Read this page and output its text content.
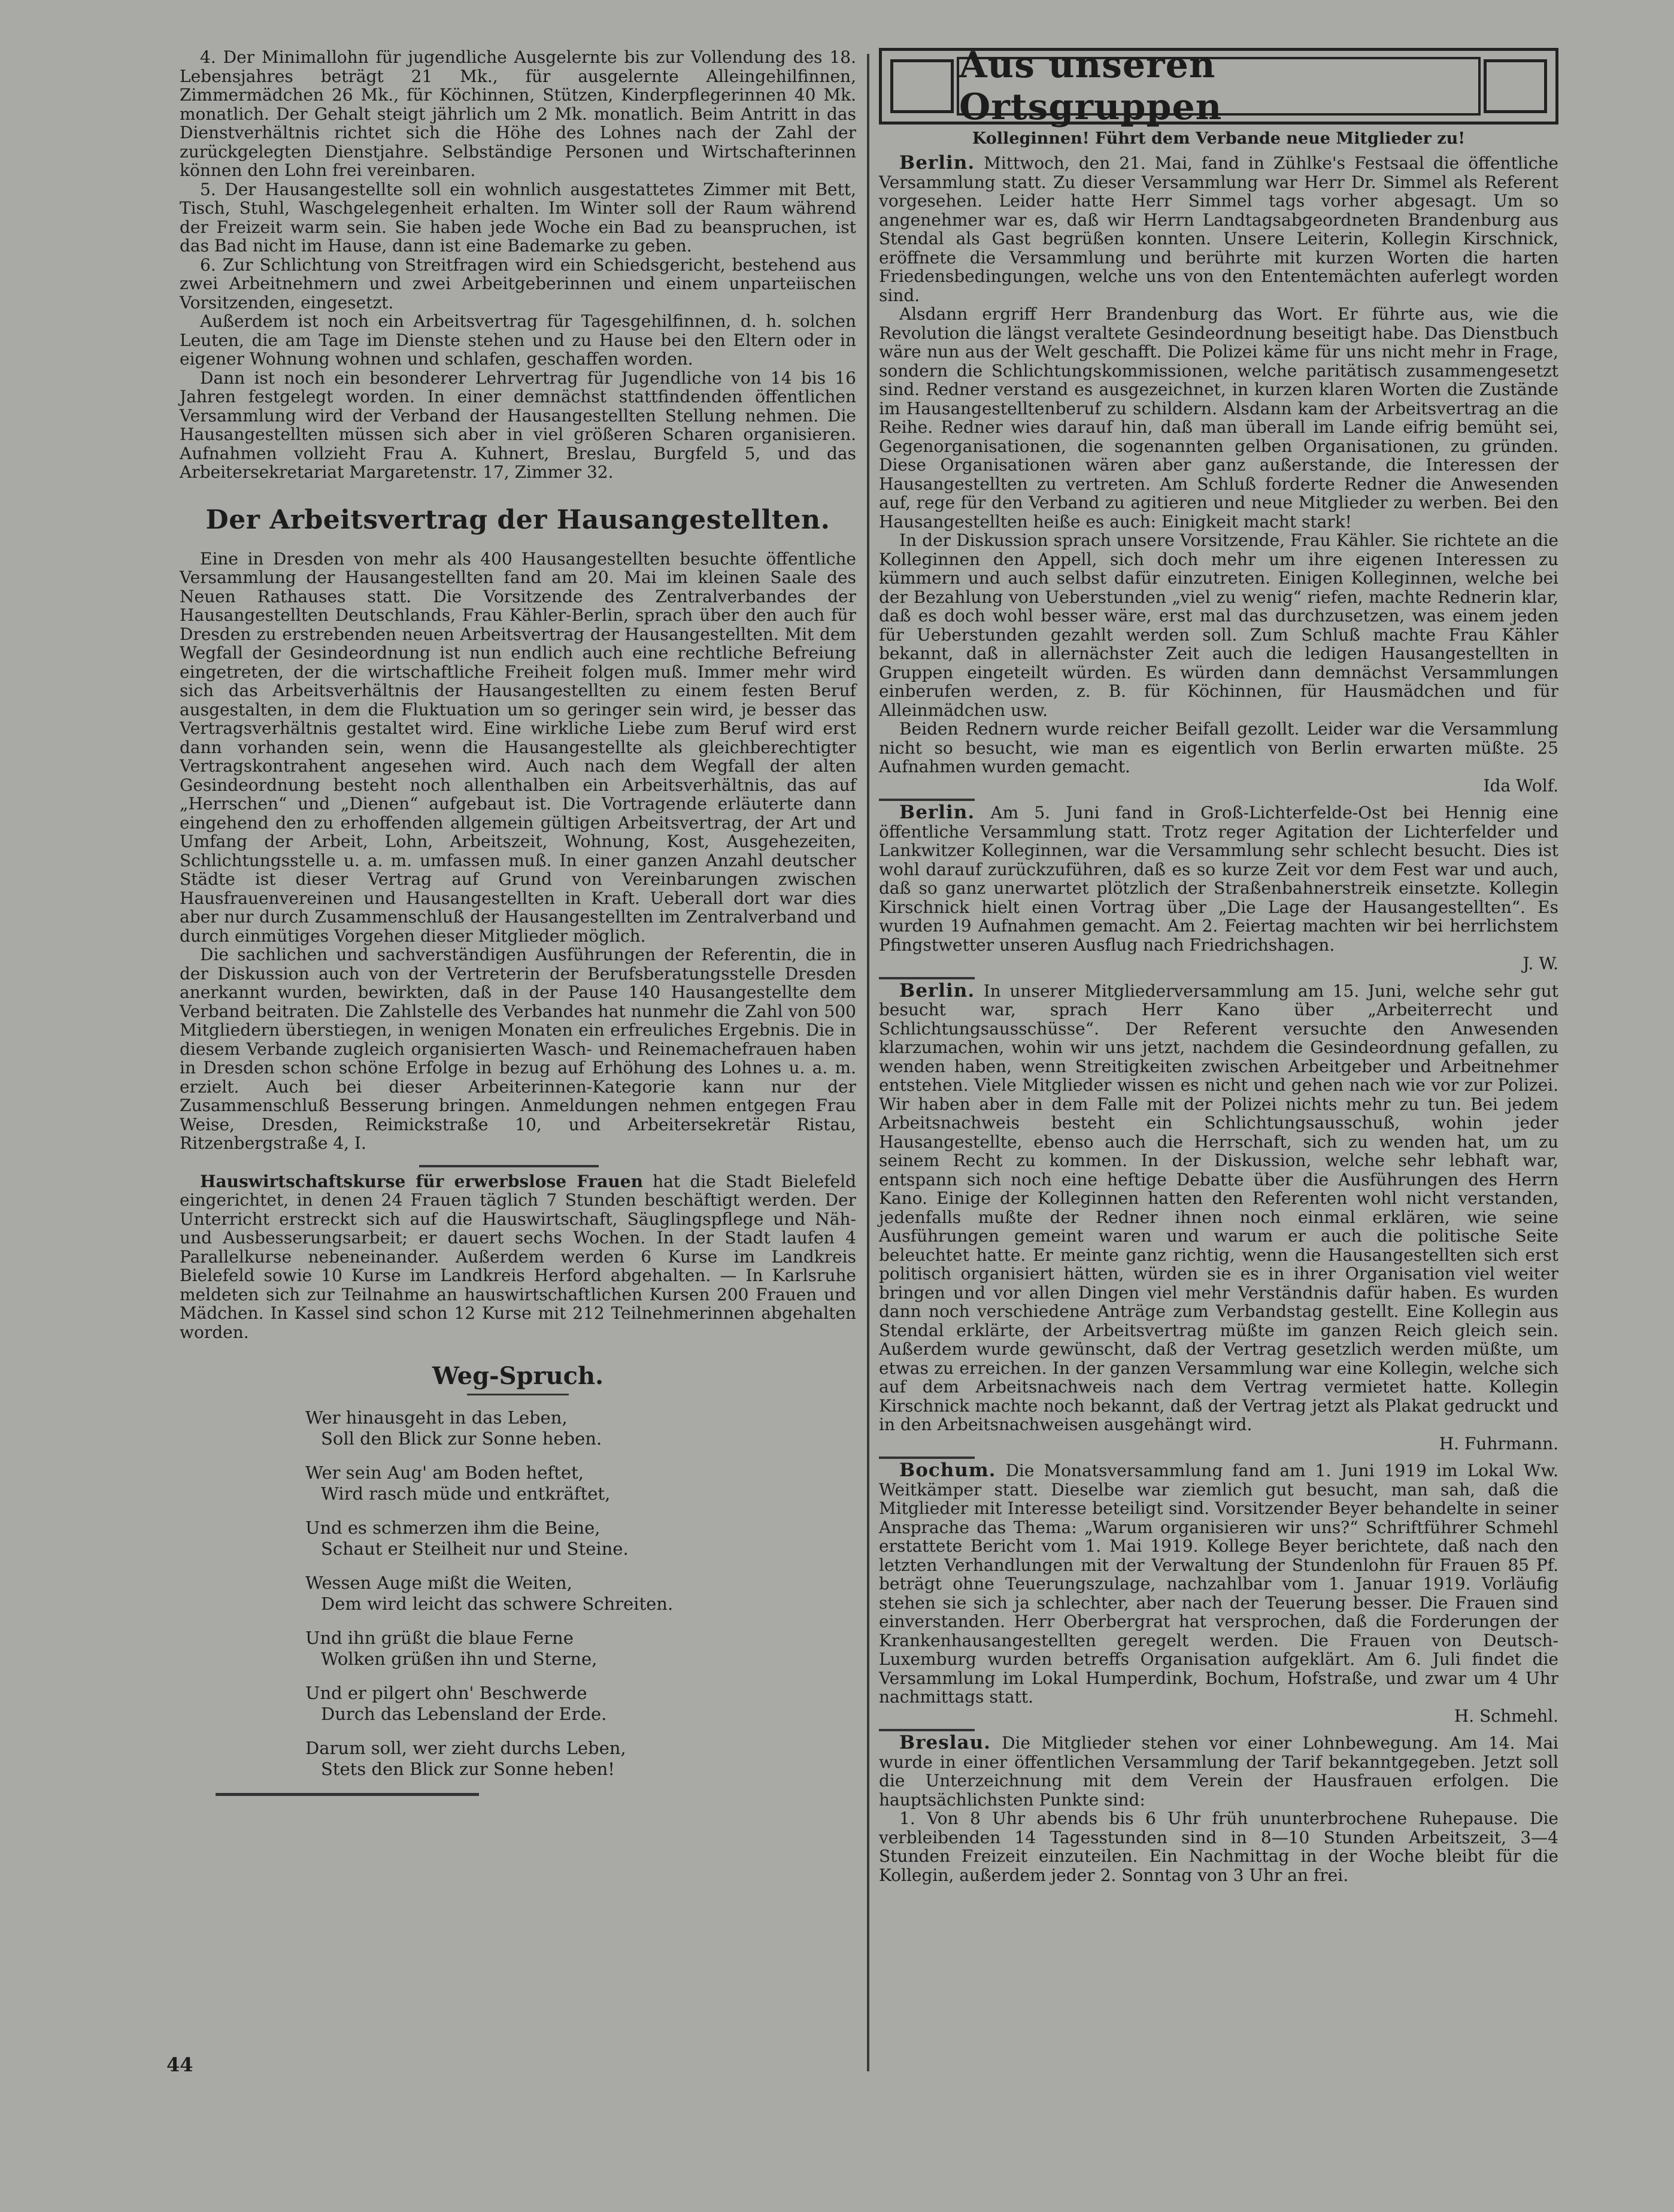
4. Der Minimallohn für jugendliche Ausgelernte bis zur Vollendung des 18. Lebensjahres beträgt 21 Mk., für ausgelernte Alleingehilfinnen, Zimmermädchen 26 Mk., für Köchinnen, Stützen, Kinderpflegerinnen 40 Mk. monatlich. Der Gehalt steigt jährlich um 2 Mk. monatlich. Beim Antritt in das Dienstverhältnis richtet sich die Höhe des Lohnes nach der Zahl der zurückgelegten Dienstjahre. Selbständige Personen und Wirtschafterinnen können den Lohn frei vereinbaren.

5. Der Hausangestellte soll ein wohnlich ausgestattetes Zimmer mit Bett, Tisch, Stuhl, Waschgelegenheit erhalten. Im Winter soll der Raum während der Freizeit warm sein. Sie haben jede Woche ein Bad zu beanspruchen, ist das Bad nicht im Hause, dann ist eine Bademarke zu geben.

6. Zur Schlichtung von Streitfragen wird ein Schiedsgericht, bestehend aus zwei Arbeitnehmern und zwei Arbeitgeberinnen und einem unparteiischen Vorsitzenden, eingesetzt.

Außerdem ist noch ein Arbeitsvertrag für Tagesgehilfinnen, d. h. solchen Leuten, die am Tage im Dienste stehen und zu Hause bei den Eltern oder in eigener Wohnung wohnen und schlafen, geschaffen worden.

Dann ist noch ein besonderer Lehrvertrag für Jugendliche von 14 bis 16 Jahren festgelegt worden. In einer demnächst stattfindenden öffentlichen Versammlung wird der Verband der Hausangestellten Stellung nehmen. Die Hausangestellten müssen sich aber in viel größeren Scharen organisieren. Aufnahmen vollzieht Frau A. Kuhnert, Breslau, Burgfeld 5, und das Arbeitersekretariat Margaretenstr. 17, Zimmer 32.

Der Arbeitsvertrag der Hausangestellten.

Eine in Dresden von mehr als 400 Hausangestellten besuchte öffentliche Versammlung der Hausangestellten fand am 20. Mai im kleinen Saale des Neuen Rathauses statt. Die Vorsitzende des Zentralverbandes der Hausangestellten Deutschlands, Frau Kähler-Berlin, sprach über den auch für Dresden zu erstrebenden neuen Arbeitsvertrag der Hausangestellten. Mit dem Wegfall der Gesindeordnung ist nun endlich auch eine rechtliche Befreiung eingetreten, der die wirtschaftliche Freiheit folgen muß. Immer mehr wird sich das Arbeitsverhältnis der Hausangestellten zu einem festen Beruf ausgestalten, in dem die Fluktuation um so geringer sein wird, je besser das Vertragsverhältnis gestaltet wird. Eine wirkliche Liebe zum Beruf wird erst dann vorhanden sein, wenn die Hausangestellte als gleichberechtigter Vertragskontrahent angesehen wird. Auch nach dem Wegfall der alten Gesindeordnung besteht noch allenthalben ein Arbeitsverhältnis, das auf „Herrschen“ und „Dienen“ aufgebaut ist. Die Vortragende erläuterte dann eingehend den zu erhoffenden allgemein gültigen Arbeitsvertrag, der Art und Umfang der Arbeit, Lohn, Arbeitszeit, Wohnung, Kost, Ausgehezeiten, Schlichtungsstelle u. a. m. umfassen muß. In einer ganzen Anzahl deutscher Städte ist dieser Vertrag auf Grund von Vereinbarungen zwischen Hausfrauenvereinen und Hausangestellten in Kraft. Ueberall dort war dies aber nur durch Zusammenschluß der Hausangestellten im Zentralverband und durch einmütiges Vorgehen dieser Mitglieder möglich.

Die sachlichen und sachverständigen Ausführungen der Referentin, die in der Diskussion auch von der Vertreterin der Berufsberatungsstelle Dresden anerkannt wurden, bewirkten, daß in der Pause 140 Hausangestellte dem Verband beitraten. Die Zahlstelle des Verbandes hat nunmehr die Zahl von 500 Mitgliedern überstiegen, in wenigen Monaten ein erfreuliches Ergebnis. Die in diesem Verbande zugleich organisierten Wasch- und Reinemachefrauen haben in Dresden schon schöne Erfolge in bezug auf Erhöhung des Lohnes u. a. m. erzielt. Auch bei dieser Arbeiterinnen-Kategorie kann nur der Zusammenschluß Besserung bringen. Anmeldungen nehmen entgegen Frau Weise, Dresden, Reimickstraße 10, und Arbeitersekretär Ristau, Ritzenbergstraße 4, I.

Hauswirtschaftskurse für erwerbslose Frauen hat die Stadt Bielefeld eingerichtet, in denen 24 Frauen täglich 7 Stunden beschäftigt werden. Der Unterricht erstreckt sich auf die Hauswirtschaft, Säuglingspflege und Näh- und Ausbesserungsarbeit; er dauert sechs Wochen. In der Stadt laufen 4 Parallelkurse nebeneinander. Außerdem werden 6 Kurse im Landkreis Bielefeld sowie 10 Kurse im Landkreis Herford abgehalten. — In Karlsruhe meldeten sich zur Teilnahme an hauswirtschaftlichen Kursen 200 Frauen und Mädchen. In Kassel sind schon 12 Kurse mit 212 Teilnehmerinnen abgehalten worden.

Weg-Spruch.
Wer hinausgeht in das Leben,
Soll den Blick zur Sonne heben.
Wer sein Aug' am Boden heftet,
Wird rasch müde und entkräftet,
Und es schmerzen ihm die Beine,
Schaut er Steilheit nur und Steine.
Wessen Auge mißt die Weiten,
Dem wird leicht das schwere Schreiten.
Und ihn grüßt die blaue Ferne
Wolken grüßen ihn und Sterne,
Und er pilgert ohn' Beschwerde
Durch das Lebensland der Erde.
Darum soll, wer zieht durchs Leben,
Stets den Blick zur Sonne heben!
Aus unseren Ortsgruppen
Kolleginnen! Führt dem Verbande neue Mitglieder zu!

Berlin. Mittwoch, den 21. Mai, fand in Zühlke's Festsaal die öffentliche Versammlung statt. Zu dieser Versammlung war Herr Dr. Simmel als Referent vorgesehen. Leider hatte Herr Simmel tags vorher abgesagt. Um so angenehmer war es, daß wir Herrn Landtagsabgeordneten Brandenburg aus Stendal als Gast begrüßen konnten. Unsere Leiterin, Kollegin Kirschnick, eröffnete die Versammlung und berührte mit kurzen Worten die harten Friedensbedingungen, welche uns von den Ententemächten auferlegt worden sind.

Alsdann ergriff Herr Brandenburg das Wort. Er führte aus, wie die Revolution die längst veraltete Gesindeordnung beseitigt habe. Das Dienstbuch wäre nun aus der Welt geschafft. Die Polizei käme für uns nicht mehr in Frage, sondern die Schlichtungskommissionen, welche paritätisch zusammengesetzt sind. Redner verstand es ausgezeichnet, in kurzen klaren Worten die Zustände im Hausangestelltenberuf zu schildern. Alsdann kam der Arbeitsvertrag an die Reihe. Redner wies darauf hin, daß man überall im Lande eifrig bemüht sei, Gegenorganisationen, die sogenannten gelben Organisationen, zu gründen. Diese Organisationen wären aber ganz außerstande, die Interessen der Hausangestellten zu vertreten. Am Schluß forderte Redner die Anwesenden auf, rege für den Verband zu agitieren und neue Mitglieder zu werben. Bei den Hausangestellten heiße es auch: Einigkeit macht stark!

In der Diskussion sprach unsere Vorsitzende, Frau Kähler. Sie richtete an die Kolleginnen den Appell, sich doch mehr um ihre eigenen Interessen zu kümmern und auch selbst dafür einzutreten. Einigen Kolleginnen, welche bei der Bezahlung von Ueberstunden „viel zu wenig“ riefen, machte Rednerin klar, daß es doch wohl besser wäre, erst mal das durchzusetzen, was einem jeden für Ueberstunden gezahlt werden soll. Zum Schluß machte Frau Kähler bekannt, daß in allernächster Zeit auch die ledigen Hausangestellten in Gruppen eingeteilt würden. Es würden dann demnächst Versammlungen einberufen werden, z. B. für Köchinnen, für Hausmädchen und für Alleinmädchen usw.

Beiden Rednern wurde reicher Beifall gezollt. Leider war die Versammlung nicht so besucht, wie man es eigentlich von Berlin erwarten müßte. 25 Aufnahmen wurden gemacht.

Ida Wolf.

Berlin. Am 5. Juni fand in Groß-Lichterfelde-Ost bei Hennig eine öffentliche Versammlung statt. Trotz reger Agitation der Lichterfelder und Lankwitzer Kolleginnen, war die Versammlung sehr schlecht besucht. Dies ist wohl darauf zurückzuführen, daß es so kurze Zeit vor dem Fest war und auch, daß so ganz unerwartet plötzlich der Straßenbahnerstreik einsetzte. Kollegin Kirschnick hielt einen Vortrag über „Die Lage der Hausangestellten“. Es wurden 19 Aufnahmen gemacht. Am 2. Feiertag machten wir bei herrlichstem Pfingstwetter unseren Ausflug nach Friedrichshagen.

J. W.

Berlin. In unserer Mitgliederversammlung am 15. Juni, welche sehr gut besucht war, sprach Herr Kano über „Arbeiterrecht und Schlichtungsausschüsse“. Der Referent versuchte den Anwesenden klarzumachen, wohin wir uns jetzt, nachdem die Gesindeordnung gefallen, zu wenden haben, wenn Streitigkeiten zwischen Arbeitgeber und Arbeitnehmer entstehen. Viele Mitglieder wissen es nicht und gehen nach wie vor zur Polizei. Wir haben aber in dem Falle mit der Polizei nichts mehr zu tun. Bei jedem Arbeitsnachweis besteht ein Schlichtungsausschuß, wohin jeder Hausangestellte, ebenso auch die Herrschaft, sich zu wenden hat, um zu seinem Recht zu kommen. In der Diskussion, welche sehr lebhaft war, entspann sich noch eine heftige Debatte über die Ausführungen des Herrn Kano. Einige der Kolleginnen hatten den Referenten wohl nicht verstanden, jedenfalls mußte der Redner ihnen noch einmal erklären, wie seine Ausführungen gemeint waren und warum er auch die politische Seite beleuchtet hatte. Er meinte ganz richtig, wenn die Hausangestellten sich erst politisch organisiert hätten, würden sie es in ihrer Organisation viel weiter bringen und vor allen Dingen viel mehr Verständnis dafür haben. Es wurden dann noch verschiedene Anträge zum Verbandstag gestellt. Eine Kollegin aus Stendal erklärte, der Arbeitsvertrag müßte im ganzen Reich gleich sein. Außerdem wurde gewünscht, daß der Vertrag gesetzlich werden müßte, um etwas zu erreichen. In der ganzen Versammlung war eine Kollegin, welche sich auf dem Arbeitsnachweis nach dem Vertrag vermietet hatte. Kollegin Kirschnick machte noch bekannt, daß der Vertrag jetzt als Plakat gedruckt und in den Arbeitsnachweisen ausgehängt wird.

H. Fuhrmann.

Bochum. Die Monatsversammlung fand am 1. Juni 1919 im Lokal Ww. Weitkämper statt. Dieselbe war ziemlich gut besucht, man sah, daß die Mitglieder mit Interesse beteiligt sind. Vorsitzender Beyer behandelte in seiner Ansprache das Thema: „Warum organisieren wir uns?“ Schriftführer Schmehl erstattete Bericht vom 1. Mai 1919. Kollege Beyer berichtete, daß nach den letzten Verhandlungen mit der Verwaltung der Stundenlohn für Frauen 85 Pf. beträgt ohne Teuerungszulage, nachzahlbar vom 1. Januar 1919. Vorläufig stehen sie sich ja schlechter, aber nach der Teuerung besser. Die Frauen sind einverstanden. Herr Oberbergrat hat versprochen, daß die Forderungen der Krankenhausangestellten geregelt werden. Die Frauen von Deutsch-Luxemburg wurden betreffs Organisation aufgeklärt. Am 6. Juli findet die Versammlung im Lokal Humperdink, Bochum, Hofstraße, und zwar um 4 Uhr nachmittags statt.

H. Schmehl.

Breslau. Die Mitglieder stehen vor einer Lohnbewegung. Am 14. Mai wurde in einer öffentlichen Versammlung der Tarif bekanntgegeben. Jetzt soll die Unterzeichnung mit dem Verein der Hausfrauen erfolgen. Die hauptsächlichsten Punkte sind:

1. Von 8 Uhr abends bis 6 Uhr früh ununterbrochene Ruhepause. Die verbleibenden 14 Tagesstunden sind in 8—10 Stunden Arbeitszeit, 3—4 Stunden Freizeit einzuteilen. Ein Nachmittag in der Woche bleibt für die Kollegin, außerdem jeder 2. Sonntag von 3 Uhr an frei.

44
